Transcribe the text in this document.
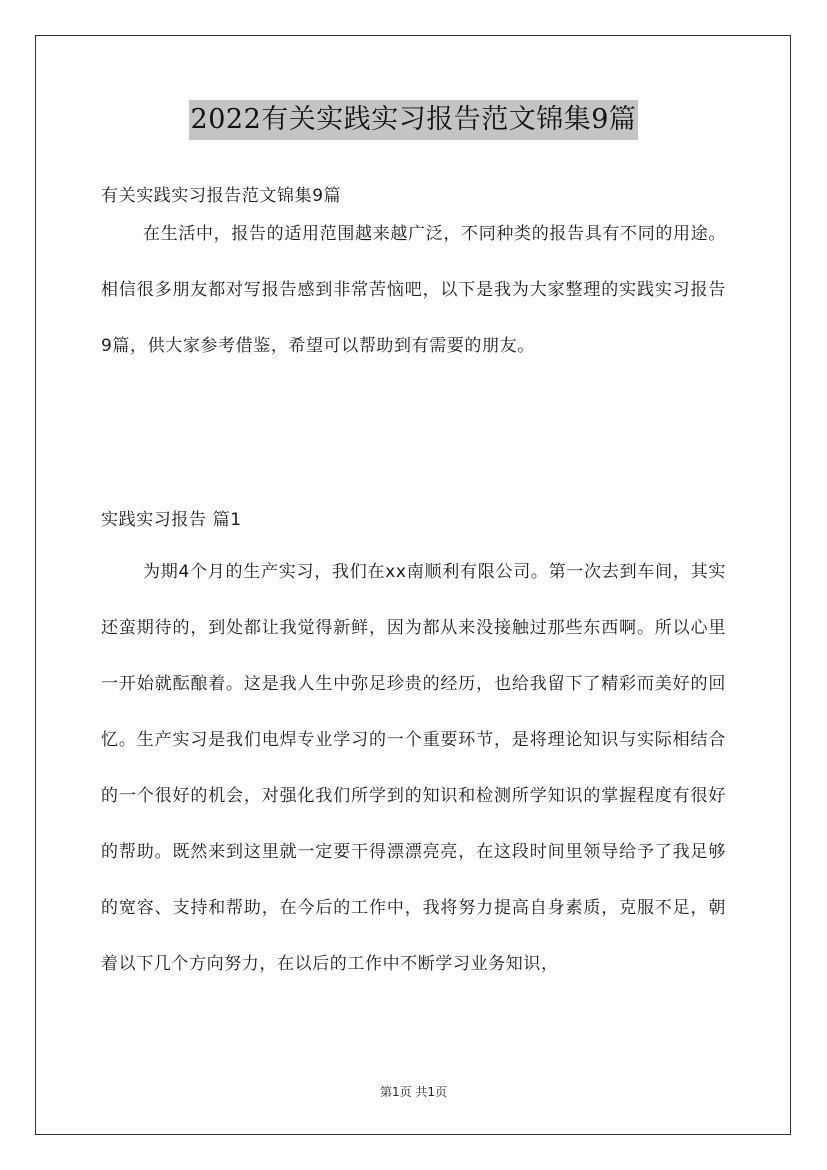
2022有关实践实习报告范文锦集9篇
有关实践实习报告范文锦集9篇

在生活中，报告的适用范围越来越广泛，不同种类的报告具有不同的用途。相信很多朋友都对写报告感到非常苦恼吧，以下是我为大家整理的实践实习报告9篇，供大家参考借鉴，希望可以帮助到有需要的朋友。

实践实习报告 篇1

为期4个月的生产实习，我们在xx南顺利有限公司。第一次去到车间，其实还蛮期待的，到处都让我觉得新鲜，因为都从来没接触过那些东西啊。所以心里一开始就酝酿着。这是我人生中弥足珍贵的经历，也给我留下了精彩而美好的回忆。生产实习是我们电焊专业学习的一个重要环节，是将理论知识与实际相结合的一个很好的机会，对强化我们所学到的知识和检测所学知识的掌握程度有很好的帮助。既然来到这里就一定要干得漂漂亮亮，在这段时间里领导给予了我足够的宽容、支持和帮助，在今后的工作中，我将努力提高自身素质，克服不足，朝着以下几个方向努力，在以后的工作中不断学习业务知识，

第1页 共1页
